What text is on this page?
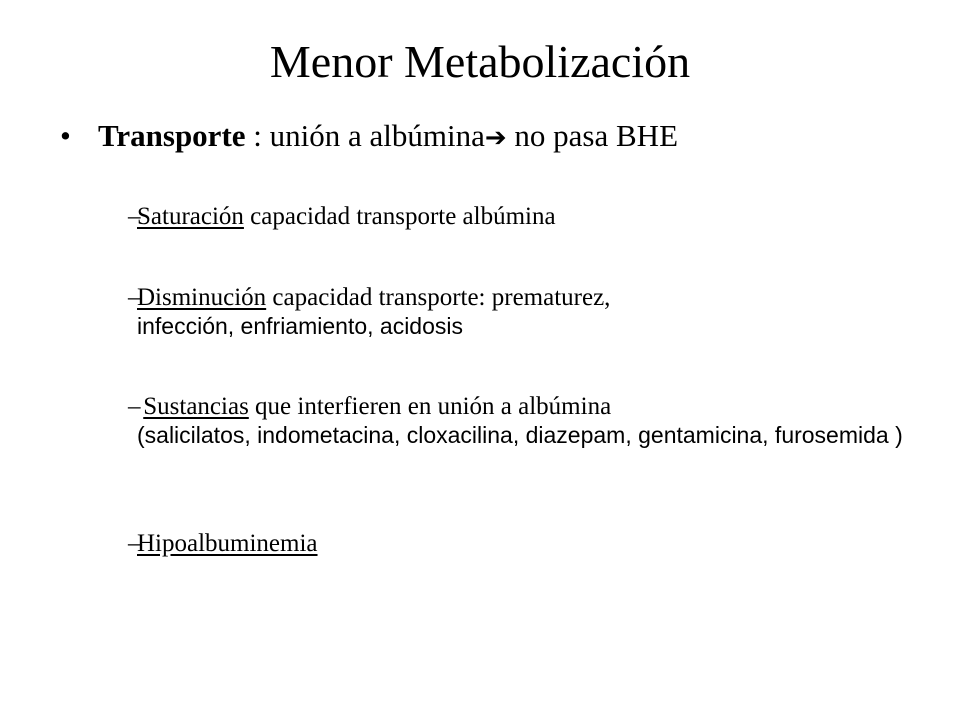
Menor Metabolización
• Transporte : unión a albúmina➔ no pasa BHE
–
Saturación capacidad transporte albúmina
–
Disminución capacidad transporte: prematurez,
infección, enfriamiento, acidosis
– Sustancias que interfieren en unión a albúmina
(salicilatos, indometacina, cloxacilina, diazepam, gentamicina, furosemida )
–
Hipoalbuminemia
